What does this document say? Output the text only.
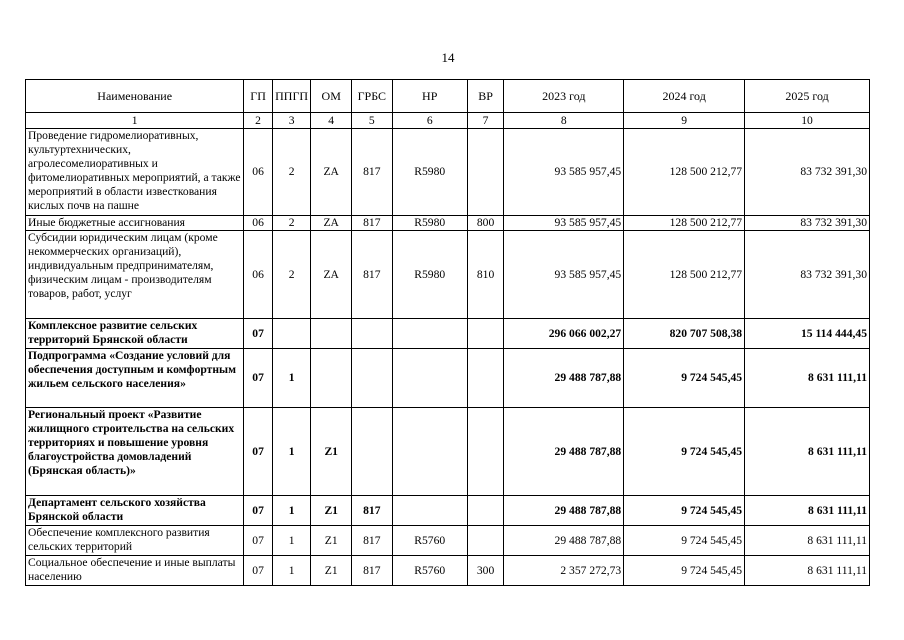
14
Наименование	ГП	ППГП	ОМ	ГРБС	НР	ВР	2023 год	2024 год	2025 год
1	2	3	4	5	6	7	8	9	10
Проведение гидромелиоративных, культуртехнических, агролесомелиоративных и фитомелиоративных мероприятий, а также мероприятий в области известкования кислых почв на пашне	06	2	ZA	817	R5980		93 585 957,45	128 500 212,77	83 732 391,30
Иные бюджетные ассигнования	06	2	ZA	817	R5980	800	93 585 957,45	128 500 212,77	83 732 391,30
Субсидии юридическим лицам (кроме некоммерческих организаций), индивидуальным предпринимателям, физическим лицам - производителям товаров, работ, услуг	06	2	ZA	817	R5980	810	93 585 957,45	128 500 212,77	83 732 391,30
Комплексное развитие сельских территорий Брянской области	07						296 066 002,27	820 707 508,38	15 114 444,45
Подпрограмма «Создание условий для обеспечения доступным и комфортным жильем сельского населения»	07	1					29 488 787,88	9 724 545,45	8 631 111,11
Региональный проект «Развитие жилищного строительства на сельских территориях и повышение уровня благоустройства домовладений (Брянская область)»	07	1	Z1				29 488 787,88	9 724 545,45	8 631 111,11
Департамент сельского хозяйства Брянской области	07	1	Z1	817			29 488 787,88	9 724 545,45	8 631 111,11
Обеспечение комплексного развития сельских территорий	07	1	Z1	817	R5760		29 488 787,88	9 724 545,45	8 631 111,11
Социальное обеспечение и иные выплаты населению	07	1	Z1	817	R5760	300	2 357 272,73	9 724 545,45	8 631 111,11
